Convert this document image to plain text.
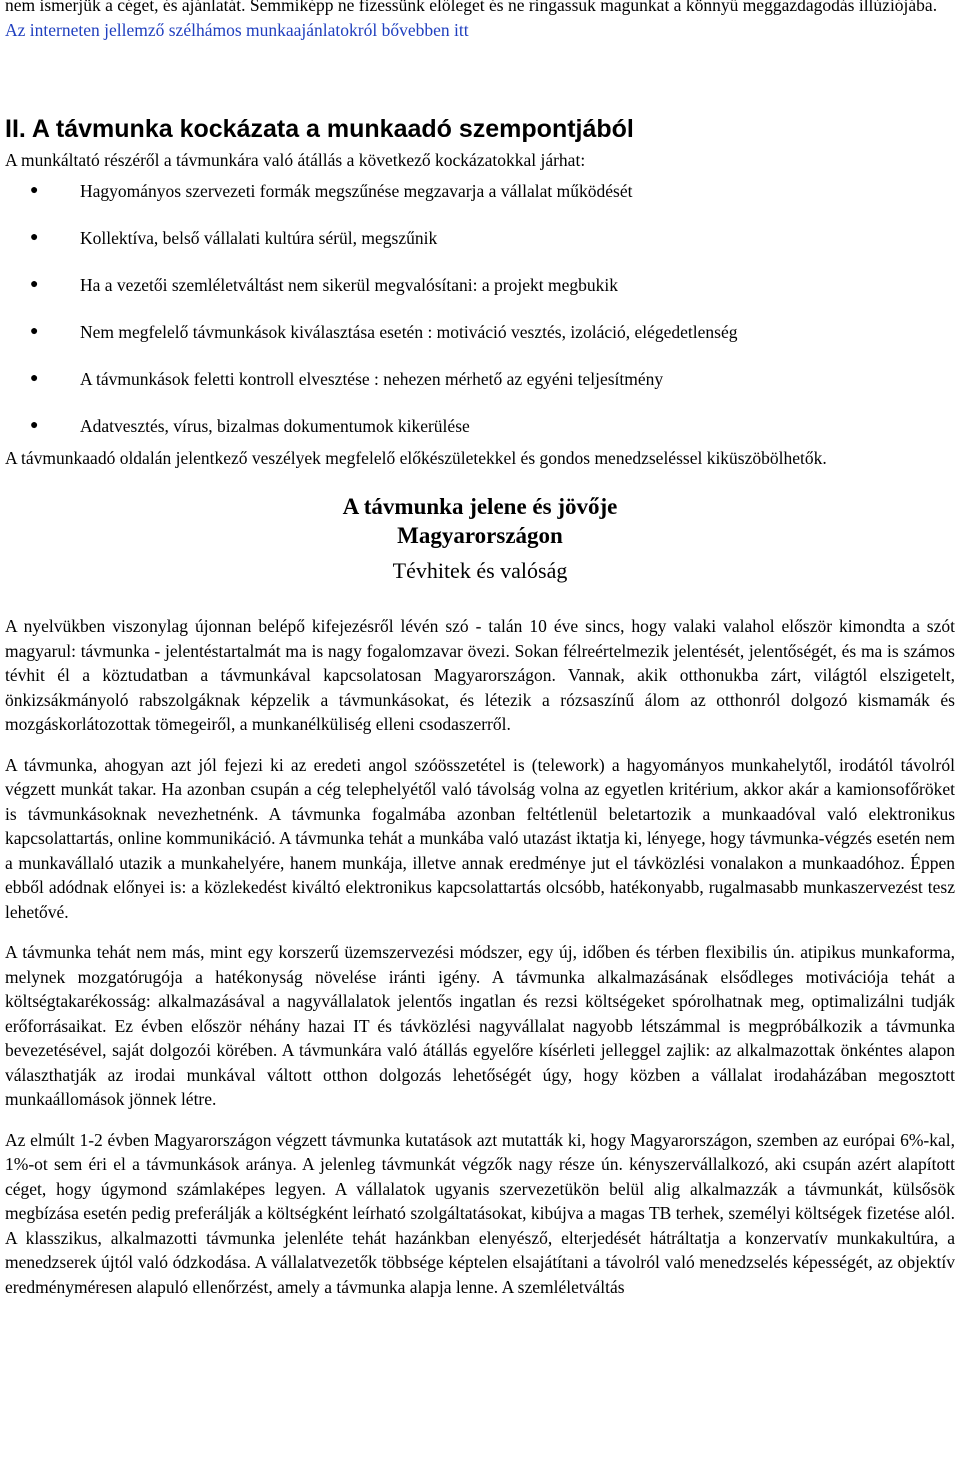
nem ismerjük a céget, és ajánlatát. Semmiképp ne fizessünk előleget és ne ringassuk magunkat a könnyű meggazdagodás illúziójába.

Az interneten jellemző szélhámos munkaajánlatokról bővebben itt

II. A távmunka kockázata a munkaadó szempontjából

A munkáltató részéről a távmunkára való átállás a következő kockázatokkal járhat:

● Hagyományos szervezeti formák megszűnése megzavarja a vállalat működését
● Kollektíva, belső vállalati kultúra sérül, megszűnik
● Ha a vezetői szemléletváltást nem sikerül megvalósítani: a projekt megbukik
● Nem megfelelő távmunkások kiválasztása esetén : motiváció vesztés, izoláció, elégedetlenség
● A távmunkások feletti kontroll elvesztése : nehezen mérhető az egyéni teljesítmény
● Adatvesztés, vírus, bizalmas dokumentumok kikerülése

A távmunkaadó oldalán jelentkező veszélyek megfelelő előkészületekkel és gondos menedzseléssel kiküszöbölhetők.

A távmunka jelene és jövője
Magyarországon
Tévhitek és valóság

A nyelvükben viszonylag újonnan belépő kifejezésről lévén szó - talán 10 éve sincs, hogy valaki valahol először kimondta a szót magyarul: távmunka - jelentéstartalmát ma is nagy fogalomzavar övezi. Sokan félreértelmezik jelentését, jelentőségét, és ma is számos tévhit él a köztudatban a távmunkával kapcsolatosan Magyarországon. Vannak, akik otthonukba zárt, világtól elszigetelt, önkizsákmányoló rabszolgáknak képzelik a távmunkásokat, és létezik a rózsaszínű álom az otthonról dolgozó kismamák és mozgáskorlátozottak tömegeiről, a munkanélküliség elleni csodaszerről.

A távmunka, ahogyan azt jól fejezi ki az eredeti angol szóösszetétel is (telework) a hagyományos munkahelytől, irodától távolról végzett munkát takar. Ha azonban csupán a cég telephelyétől való távolság volna az egyetlen kritérium, akkor akár a kamionsofőröket is távmunkásoknak nevezhetnénk. A távmunka fogalmába azonban feltétlenül beletartozik a munkaadóval való elektronikus kapcsolattartás, online kommunikáció. A távmunka tehát a munkába való utazást iktatja ki, lényege, hogy távmunka-végzés esetén nem a munkavállaló utazik a munkahelyére, hanem munkája, illetve annak eredménye jut el távközlési vonalakon a munkaadóhoz. Éppen ebből adódnak előnyei is: a közlekedést kiváltó elektronikus kapcsolattartás olcsóbb, hatékonyabb, rugalmasabb munkaszervezést tesz lehetővé.

A távmunka tehát nem más, mint egy korszerű üzemszervezési módszer, egy új, időben és térben flexibilis ún. atipikus munkaforma, melynek mozgatórugója a hatékonyság növelése iránti igény. A távmunka alkalmazásának elsődleges motivációja tehát a költségtakarékosság: alkalmazásával a nagyvállalatok jelentős ingatlan és rezsi költségeket spórolhatnak meg, optimalizálni tudják erőforrásaikat. Ez évben először néhány hazai IT és távközlési nagyvállalat nagyobb létszámmal is megpróbálkozik a távmunka bevezetésével, saját dolgozói körében. A távmunkára való átállás egyelőre kísérleti jelleggel zajlik: az alkalmazottak önkéntes alapon választhatják az irodai munkával váltott otthon dolgozás lehetőségét úgy, hogy közben a vállalat irodaházában megosztott munkaállomások jönnek létre.

Az elmúlt 1-2 évben Magyarországon végzett távmunka kutatások azt mutatták ki, hogy Magyarországon, szemben az európai 6%-kal, 1%-ot sem éri el a távmunkások aránya. A jelenleg távmunkát végzők nagy része ún. kényszervállalkozó, aki csupán azért alapított céget, hogy úgymond számlaképes legyen. A vállalatok ugyanis szervezetükön belül alig alkalmazzák a távmunkát, külsősök megbízása esetén pedig preferálják a költségként leírható szolgáltatásokat, kibújva a magas TB terhek, személyi költségek fizetése alól. A klasszikus, alkalmazotti távmunka jelenléte tehát hazánkban elenyésző, elterjedését hátráltatja a konzervatív munkakultúra, a menedzserek újtól való ódzkodása. A vállalatvezetők többsége képtelen elsajátítani a távolról való menedzselés képességét, az objektív eredményméresen alapuló ellenőrzést, amely a távmunka alapja lenne. A szemléletváltás
